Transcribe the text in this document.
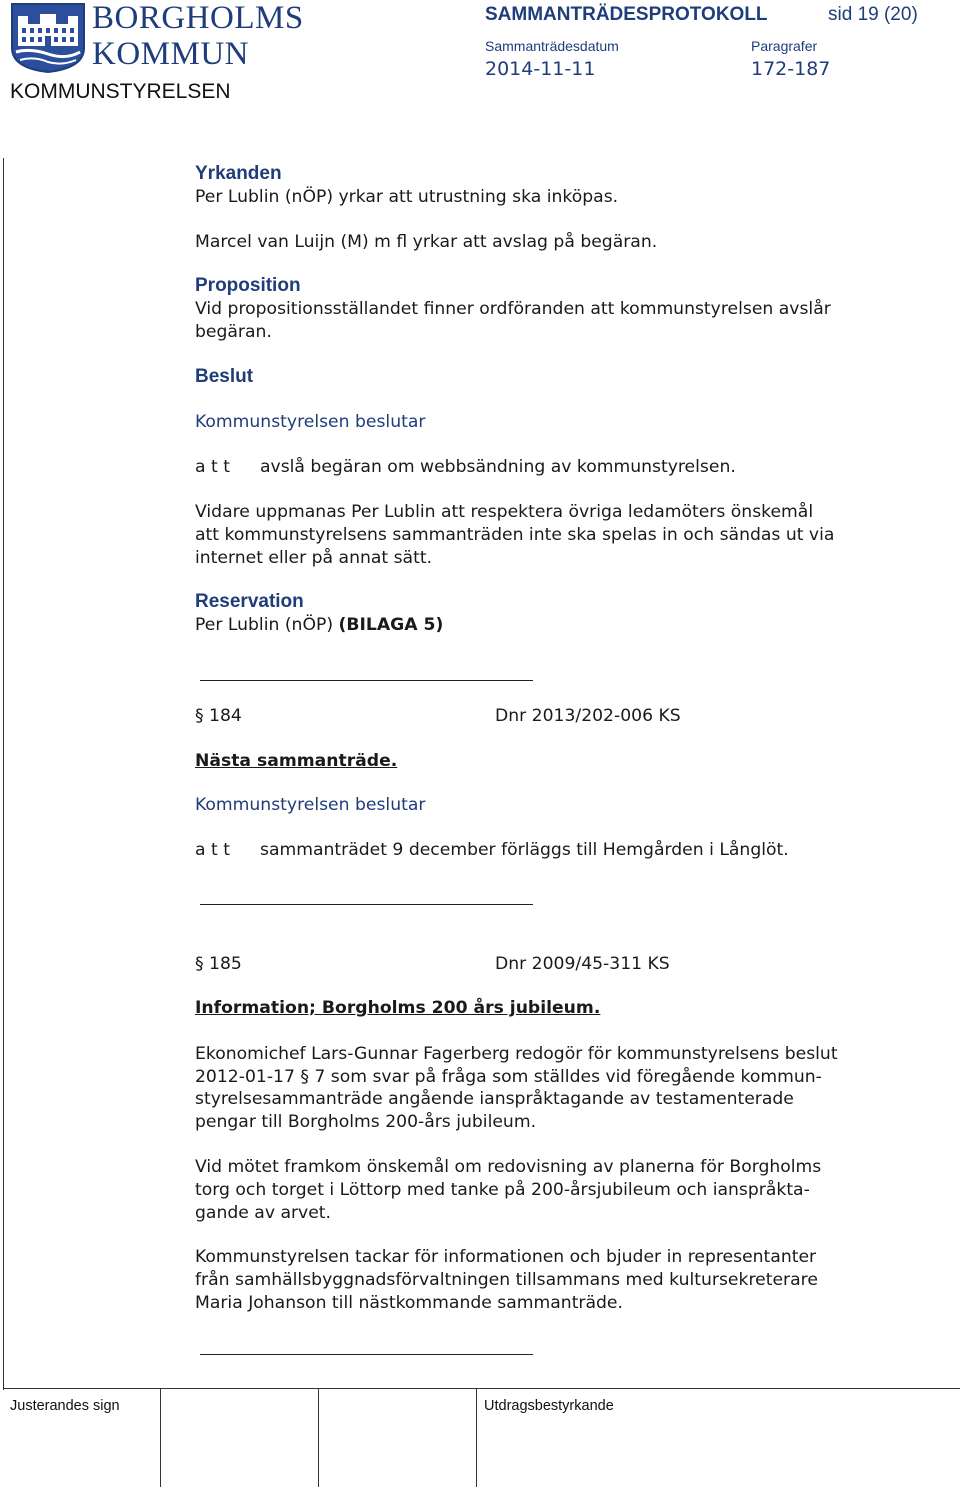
BORGHOLMS
KOMMUN
KOMMUNSTYRELSEN
SAMMANTRÄDESPROTOKOLL	sid 19 (20)
Sammanträdesdatum	Paragrafer
2014-11-11	172-187
Yrkanden
Per Lublin (nÖP) yrkar att utrustning ska inköpas.
Marcel van Luijn (M) m fl yrkar att avslag på begäran.
Proposition
Vid propositionsställandet finner ordföranden att kommunstyrelsen avslår
begäran.
Beslut
Kommunstyrelsen beslutar
a t t avslå begäran om webbsändning av kommunstyrelsen.
Vidare uppmanas Per Lublin att respektera övriga ledamöters önskemål
att kommunstyrelsens sammanträden inte ska spelas in och sändas ut via
internet eller på annat sätt.
Reservation
Per Lublin (nÖP) (BILAGA 5)
§ 184	Dnr 2013/202-006 KS
Nästa sammanträde.
Kommunstyrelsen beslutar
a t t sammanträdet 9 december förläggs till Hemgården i Långlöt.
§ 185	Dnr 2009/45-311 KS
Information; Borgholms 200 års jubileum.
Ekonomichef Lars-Gunnar Fagerberg redogör för kommunstyrelsens beslut
2012-01-17 § 7 som svar på fråga som ställdes vid föregående kommun-
styrelsesammanträde angående ianspråktagande av testamenterade
pengar till Borgholms 200-års jubileum.
Vid mötet framkom önskemål om redovisning av planerna för Borgholms
torg och torget i Löttorp med tanke på 200-årsjubileum och ianspråkta-
gande av arvet.
Kommunstyrelsen tackar för informationen och bjuder in representanter
från samhällsbyggnadsförvaltningen tillsammans med kultursekreterare
Maria Johanson till nästkommande sammanträde.
Justerandes sign	Utdragsbestyrkande
